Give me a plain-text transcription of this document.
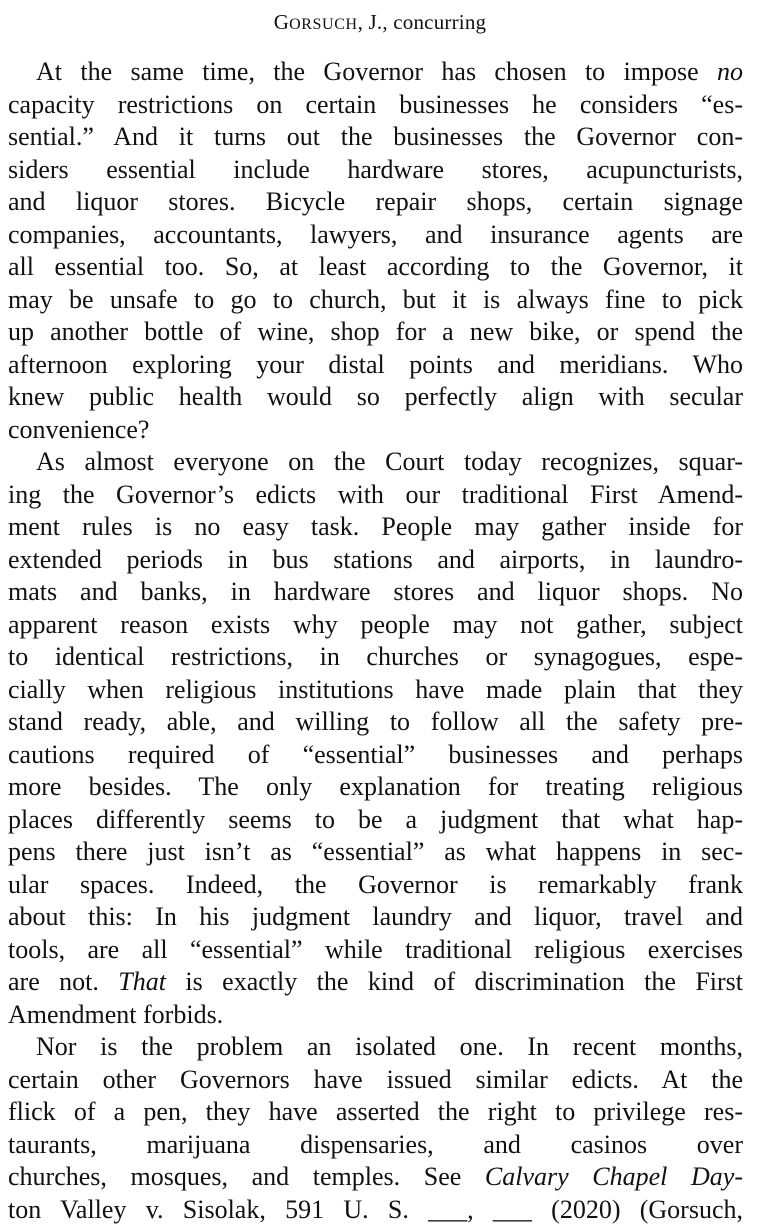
GORSUCH, J., concurring
At the same time, the Governor has chosen to impose no
capacity restrictions on certain businesses he considers “es-
sential.” And it turns out the businesses the Governor con-
siders essential include hardware stores, acupuncturists,
and liquor stores. Bicycle repair shops, certain signage
companies, accountants, lawyers, and insurance agents are
all essential too. So, at least according to the Governor, it
may be unsafe to go to church, but it is always fine to pick
up another bottle of wine, shop for a new bike, or spend the
afternoon exploring your distal points and meridians. Who
knew public health would so perfectly align with secular
convenience?
As almost everyone on the Court today recognizes, squar-
ing the Governor’s edicts with our traditional First Amend-
ment rules is no easy task. People may gather inside for
extended periods in bus stations and airports, in laundro-
mats and banks, in hardware stores and liquor shops. No
apparent reason exists why people may not gather, subject
to identical restrictions, in churches or synagogues, espe-
cially when religious institutions have made plain that they
stand ready, able, and willing to follow all the safety pre-
cautions required of “essential” businesses and perhaps
more besides. The only explanation for treating religious
places differently seems to be a judgment that what hap-
pens there just isn’t as “essential” as what happens in sec-
ular spaces. Indeed, the Governor is remarkably frank
about this: In his judgment laundry and liquor, travel and
tools, are all “essential” while traditional religious exercises
are not. That is exactly the kind of discrimination the First
Amendment forbids.
Nor is the problem an isolated one. In recent months,
certain other Governors have issued similar edicts. At the
flick of a pen, they have asserted the right to privilege res-
taurants, marijuana dispensaries, and casinos over
churches, mosques, and temples. See Calvary Chapel Day-
ton Valley v. Sisolak, 591 U. S. ___, ___ (2020) (Gorsuch,
